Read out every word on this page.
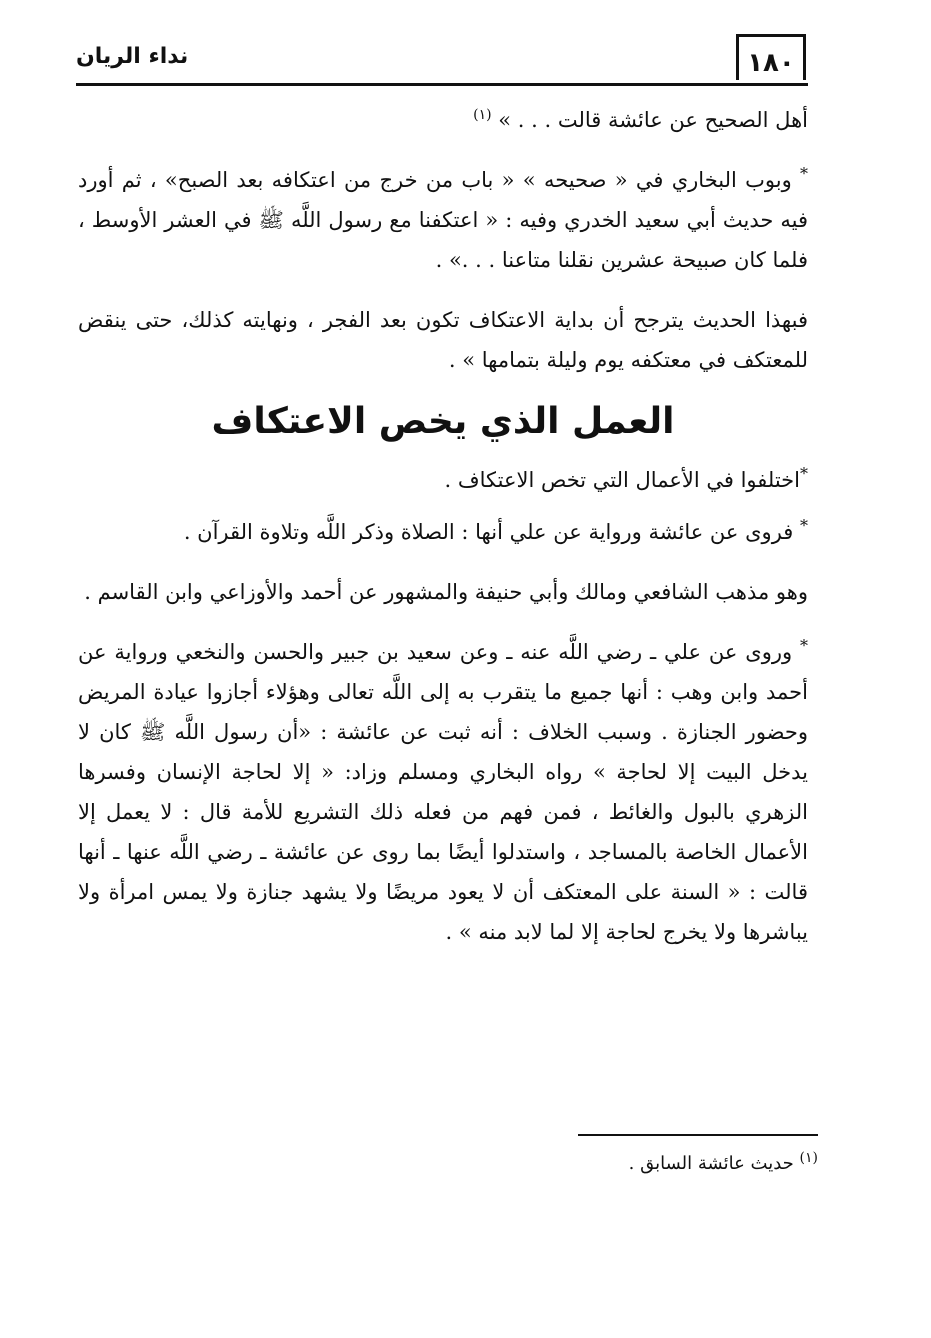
١٨٠
نداء الريان

أهل الصحيح عن عائشة قالت . . . » $^{(١)}$

* وبوب البخاري في « صحيحه » « باب من خرج من اعتكافه بعد الصبح» ، ثم أورد فيه حديث أبي سعيد الخدري وفيه : « اعتكفنا مع رسول اللَّه ﷺ في العشر الأوسط ، فلما كان صبيحة عشرين نقلنا متاعنا . . .» .

فبهذا الحديث يترجح أن بداية الاعتكاف تكون بعد الفجر ، ونهايته كذلك، حتى ينقض للمعتكف في معتكفه يوم وليلة بتمامها » .

العمل الذي يخص الاعتكاف

*اختلفوا في الأعمال التي تخص الاعتكاف .

* فروى عن عائشة ورواية عن علي أنها : الصلاة وذكر اللَّه وتلاوة القرآن .

وهو مذهب الشافعي ومالك وأبي حنيفة والمشهور عن أحمد والأوزاعي وابن القاسم .

* وروى عن علي ـ رضي اللَّه عنه ـ وعن سعيد بن جبير والحسن والنخعي ورواية عن أحمد وابن وهب : أنها جميع ما يتقرب به إلى اللَّه تعالى وهؤلاء أجازوا عيادة المريض وحضور الجنازة . وسبب الخلاف : أنه ثبت عن عائشة : «أن رسول اللَّه ﷺ كان لا يدخل البيت إلا لحاجة » رواه البخاري ومسلم وزاد: « إلا لحاجة الإنسان وفسرها الزهري بالبول والغائط ، فمن فهم من فعله ذلك التشريع للأمة قال : لا يعمل إلا الأعمال الخاصة بالمساجد ، واستدلوا أيضًا بما روى عن عائشة ـ رضي اللَّه عنها ـ أنها قالت : « السنة على المعتكف أن لا يعود مريضًا ولا يشهد جنازة ولا يمس امرأة ولا يباشرها ولا يخرج لحاجة إلا لما لابد منه » .

$^{(١)}$ حديث عائشة السابق .
